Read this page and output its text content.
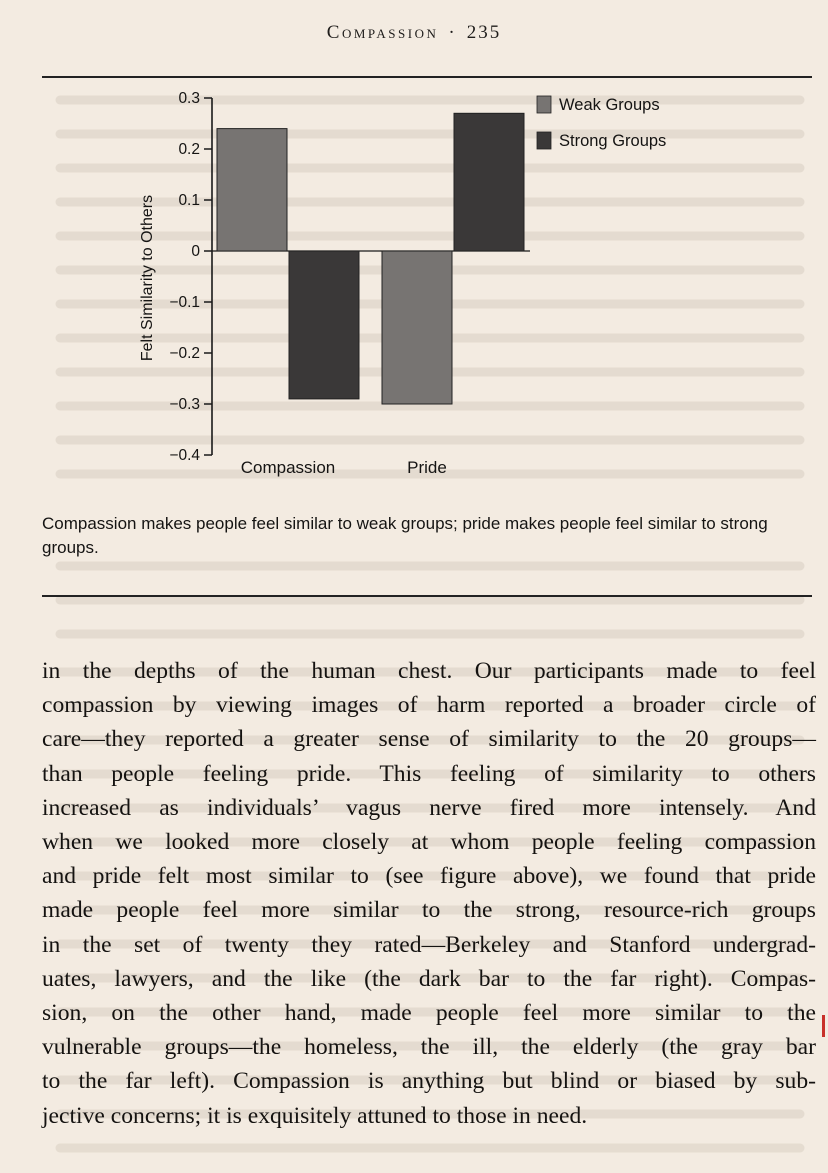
Compassion · 235
0.3
0.2
0.1
0
−0.1
−0.2
−0.3
−0.4
Compassion	Pride
Weak Groups
Strong Groups
Felt Similarity to Others
Compassion makes people feel similar to weak groups; pride makes people feel similar to strong groups.
in the depths of the human chest. Our participants made to feel
compassion by viewing images of harm reported a broader circle of
care—they reported a greater sense of similarity to the 20 groups—
than people feeling pride. This feeling of similarity to others
increased as individuals’ vagus nerve fired more intensely. And
when we looked more closely at whom people feeling compassion
and pride felt most similar to (see figure above), we found that pride
made people feel more similar to the strong, resource-rich groups
in the set of twenty they rated—Berkeley and Stanford undergrad-
uates, lawyers, and the like (the dark bar to the far right). Compas-
sion, on the other hand, made people feel more similar to the
vulnerable groups—the homeless, the ill, the elderly (the gray bar
to the far left). Compassion is anything but blind or biased by sub-
jective concerns; it is exquisitely attuned to those in need.
